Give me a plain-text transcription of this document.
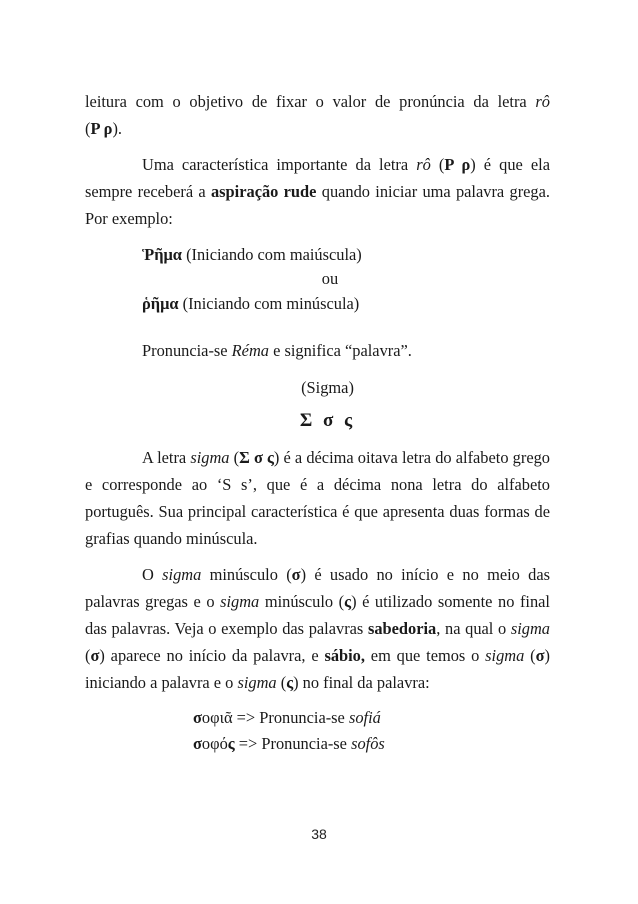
leitura com o objetivo de fixar o valor de pronúncia da letra rô
(Ρ ρ).

Uma característica importante da letra rô (Ρ ρ) é que ela sempre receberá a aspiração rude quando iniciar uma palavra grega. Por exemplo:

Ῥῆμα (Iniciando com maiúscula)
ou
ῥῆμα (Iniciando com minúscula)
Pronuncia-se Réma e significa “palavra”.
(Sigma)
Σ σ ς

A letra sigma (Σ σ ς) é a décima oitava letra do alfabeto grego e corresponde ao ‘S s’, que é a décima nona letra do alfabeto português. Sua principal característica é que apresenta duas formas de grafias quando minúscula.

O sigma minúsculo (σ) é usado no início e no meio das palavras gregas e o sigma minúsculo (ς) é utilizado somente no final das palavras. Veja o exemplo das palavras sabedoria, na qual o sigma (σ) aparece no início da palavra, e sábio, em que temos o sigma (σ) iniciando a palavra e o sigma (ς) no final da palavra:

σοφιᾶ => Pronuncia-se sofiá
σοφός => Pronuncia-se sofôs
38
